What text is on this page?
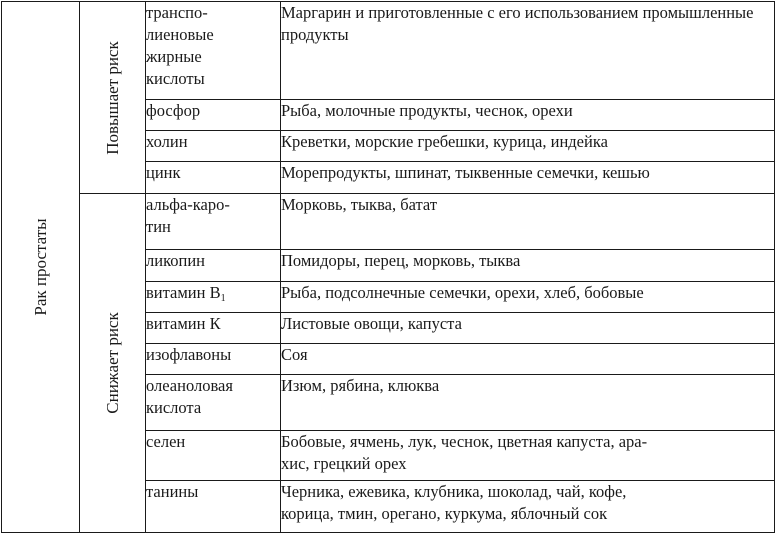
Рак простаты	Повышает риск	транспо-
лиеновые
жирные
кислоты	Маргарин и приготовленные с его использованием промышленные продукты
		фосфор	Рыба, молочные продукты, чеснок, орехи
		холин	Креветки, морские гребешки, курица, индейка
		цинк	Морепродукты, шпинат, тыквенные семечки, кешью

	Снижает риск	альфа-каро-
тин	Морковь, тыква, батат
		ликопин	Помидоры, перец, морковь, тыква
		витамин $B_1$	Рыба, подсолнечные семечки, орехи, хлеб, бобовые
		витамин К	Листовые овощи, капуста
		изофлавоны	Соя

		олеаноловая
кислота	Изюм, рябина, клюква
		селен	Бобовые, ячмень, лук, чеснок, цветная капуста, ара-
хис, грецкий орех

		танины	Черника, ежевика, клубника, шоколад, чай, кофе,
корица, тмин, орегано, куркума, яблочный сок
